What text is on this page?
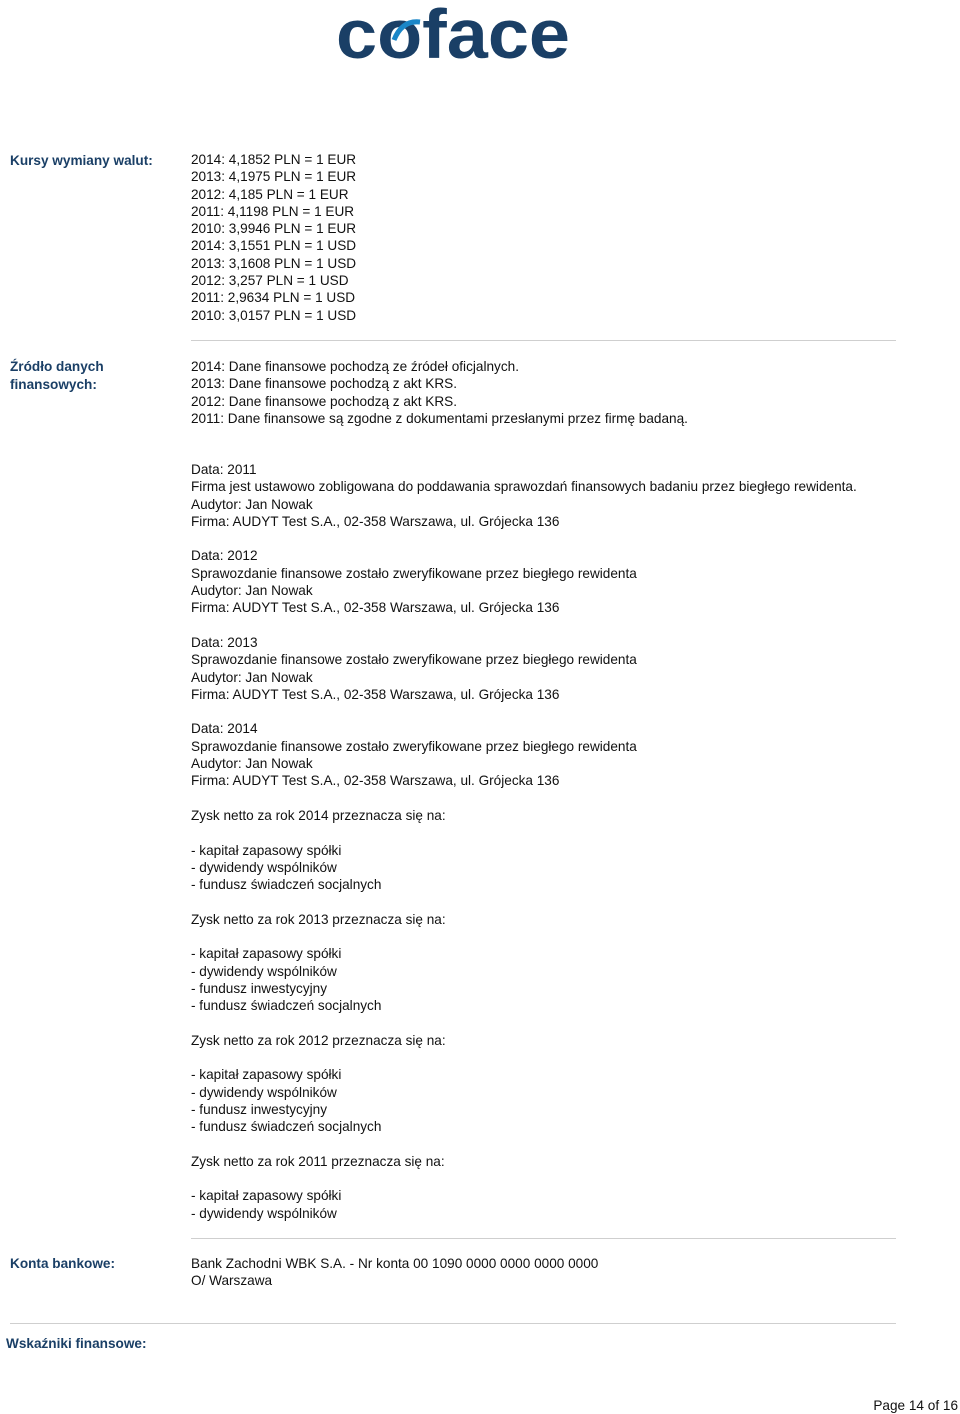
coface
Kursy wymiany walut:	2014: 4,1852 PLN = 1 EUR
2013: 4,1975 PLN = 1 EUR
2012: 4,185 PLN = 1 EUR
2011: 4,1198 PLN = 1 EUR
2010: 3,9946 PLN = 1 EUR
2014: 3,1551 PLN = 1 USD
2013: 3,1608 PLN = 1 USD
2012: 3,257 PLN = 1 USD
2011: 2,9634 PLN = 1 USD
2010: 3,0157 PLN = 1 USD
Źródło danych
finansowych:
2014: Dane finansowe pochodzą ze źródeł oficjalnych.
2013: Dane finansowe pochodzą z akt KRS.
2012: Dane finansowe pochodzą z akt KRS.
2011: Dane finansowe są zgodne z dokumentami przesłanymi przez firmę badaną.
Data: 2011
Firma jest ustawowo zobligowana do poddawania sprawozdań finansowych badaniu przez biegłego rewidenta.
Audytor: Jan Nowak
Firma: AUDYT Test S.A., 02-358 Warszawa, ul. Grójecka 136
Data: 2012
Sprawozdanie finansowe zostało zweryfikowane przez biegłego rewidenta
Audytor: Jan Nowak
Firma: AUDYT Test S.A., 02-358 Warszawa, ul. Grójecka 136
Data: 2013
Sprawozdanie finansowe zostało zweryfikowane przez biegłego rewidenta
Audytor: Jan Nowak
Firma: AUDYT Test S.A., 02-358 Warszawa, ul. Grójecka 136
Data: 2014
Sprawozdanie finansowe zostało zweryfikowane przez biegłego rewidenta
Audytor: Jan Nowak
Firma: AUDYT Test S.A., 02-358 Warszawa, ul. Grójecka 136
Zysk netto za rok 2014 przeznacza się na:
- kapitał zapasowy spółki
- dywidendy wspólników
- fundusz świadczeń socjalnych
Zysk netto za rok 2013 przeznacza się na:
- kapitał zapasowy spółki
- dywidendy wspólników
- fundusz inwestycyjny
- fundusz świadczeń socjalnych
Zysk netto za rok 2012 przeznacza się na:
- kapitał zapasowy spółki
- dywidendy wspólników
- fundusz inwestycyjny
- fundusz świadczeń socjalnych
Zysk netto za rok 2011 przeznacza się na:
- kapitał zapasowy spółki
- dywidendy wspólników
Konta bankowe:	Bank Zachodni WBK S.A. - Nr konta 00 1090 0000 0000 0000 0000
O/ Warszawa
Wskaźniki finansowe:
Page 14 of 16
